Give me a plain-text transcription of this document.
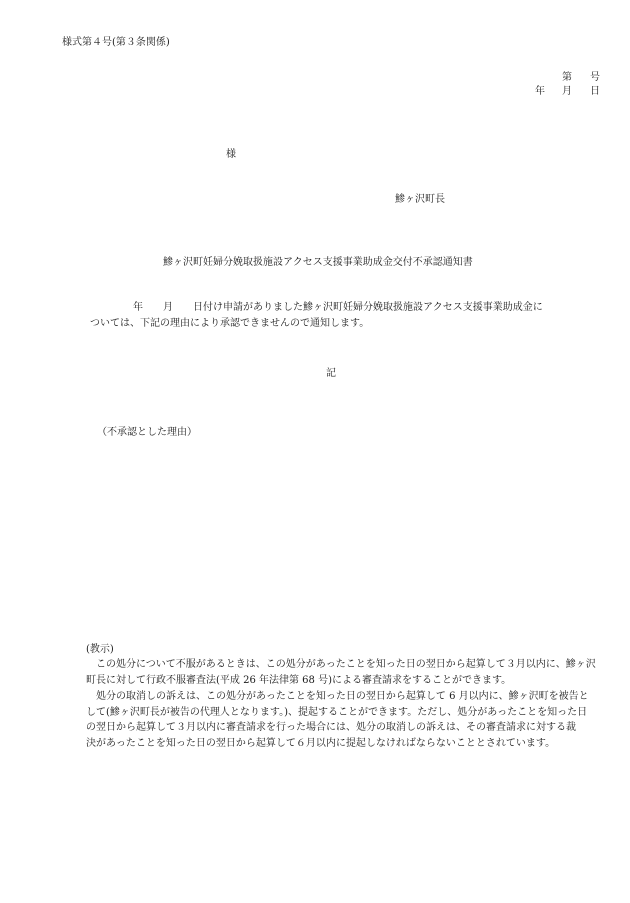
様式第４号(第３条関係)
第 号
年 月 日
様
鯵ヶ沢町長
鯵ヶ沢町妊婦分娩取扱施設アクセス支援事業助成金交付不承認通知書
年 月 日付け申請がありました鯵ヶ沢町妊婦分娩取扱施設アクセス支援事業助成金に
ついては、下記の理由により承認できませんので通知します。
記
（不承認とした理由）
(教示)
　この処分について不服があるときは、この処分があったことを知った日の翌日から起算して３月以内に、鯵ヶ沢
町長に対して行政不服審査法(平成 26 年法律第 68 号)による審査請求をすることができます。
　処分の取消しの訴えは、この処分があったことを知った日の翌日から起算して 6 月以内に、鯵ヶ沢町を被告と
して(鯵ヶ沢町長が被告の代理人となります。)、提起することができます。ただし、処分があったことを知った日
の翌日から起算して３月以内に審査請求を行った場合には、処分の取消しの訴えは、その審査請求に対する裁
決があったことを知った日の翌日から起算して６月以内に提起しなければならないこととされています。
